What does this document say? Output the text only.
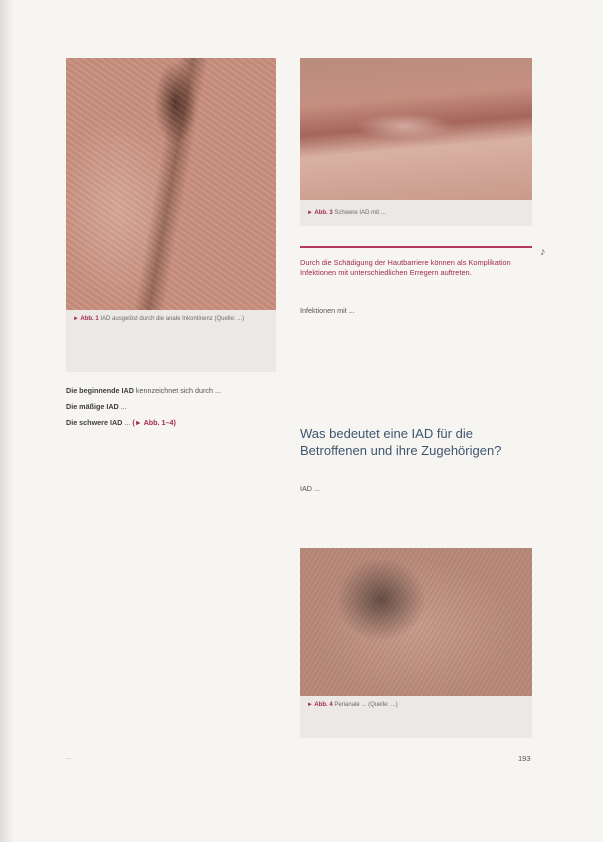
► Abb. 1 IAD ausgelöst durch die anale Inkontinenz (Quelle: ...)
► Abb. 3 Schwere IAD mit ...
Durch die Schädigung der Hautbarriere können als Komplikation Infektionen mit unterschiedlichen Erregern auftreten.
♪

Infektionen mit ...

Was bedeutet eine IAD für die Betroffenen und ihre Zugehörigen?

IAD ...

► Abb. 4 Perianale ... (Quelle: ...)

Die beginnende IAD kennzeichnet sich durch ...

Die mäßige IAD ...

Die schwere IAD ... (► Abb. 1–4)

...	193
